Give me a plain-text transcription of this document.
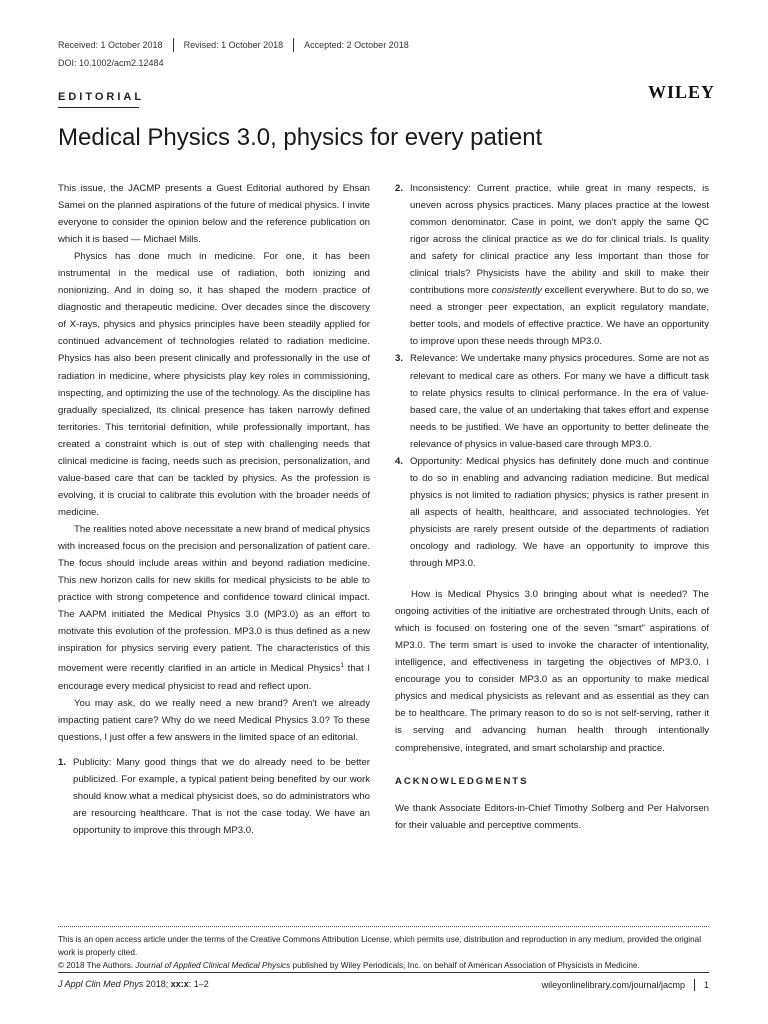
Received: 1 October 2018	Revised: 1 October 2018	Accepted: 2 October 2018
DOI: 10.1002/acm2.12484
EDITORIAL	WILEY
Medical Physics 3.0, physics for every patient

This issue, the JACMP presents a Guest Editorial authored by Ehsan Samei on the planned aspirations of the future of medical physics. I invite everyone to consider the opinion below and the reference publication on which it is based — Michael Mills.

Physics has done much in medicine. For one, it has been instrumental in the medical use of radiation, both ionizing and nonionizing. And in doing so, it has shaped the modern practice of diagnostic and therapeutic medicine. Over decades since the discovery of X-rays, physics and physics principles have been steadily applied for continued advancement of technologies related to radiation medicine. Physics has also been present clinically and professionally in the use of radiation in medicine, where physicists play key roles in commissioning, inspecting, and optimizing the use of the technology. As the discipline has gradually specialized, its clinical presence has taken narrowly defined territories. This territorial definition, while professionally important, has created a constraint which is out of step with challenging needs that clinical medicine is facing, needs such as precision, personalization, and value-based care that can be tackled by physics. As the profession is evolving, it is crucial to calibrate this evolution with the broader needs of medicine.

The realities noted above necessitate a new brand of medical physics with increased focus on the precision and personalization of patient care. The focus should include areas within and beyond radiation medicine. This new horizon calls for new skills for medical physicists to be able to practice with strong competence and confidence toward clinical impact. The AAPM initiated the Medical Physics 3.0 (MP3.0) as an effort to motivate this evolution of the profession. MP3.0 is thus defined as a new inspiration for physics serving every patient. The characteristics of this movement were recently clarified in an article in Medical Physics$^1$ that I encourage every medical physicist to read and reflect upon.

You may ask, do we really need a new brand? Aren't we already impacting patient care? Why do we need Medical Physics 3.0? To these questions, I just offer a few answers in the limited space of an editorial.

1. Publicity: Many good things that we do already need to be better publicized. For example, a typical patient being benefited by our work should know what a medical physicist does, so do administrators who are resourcing healthcare. That is not the case today. We have an opportunity to improve this through MP3.0.
2. Inconsistency: Current practice, while great in many respects, is uneven across physics practices. Many places practice at the lowest common denominator. Case in point, we don't apply the same QC rigor across the clinical practice as we do for clinical trials. Is quality and safety for clinical practice any less important than those for clinical trials? Physicists have the ability and skill to make their contributions more consistently excellent everywhere. But to do so, we need a stronger peer expectation, an explicit regulatory mandate, better tools, and models of effective practice. We have an opportunity to improve upon these needs through MP3.0.
3. Relevance: We undertake many physics procedures. Some are not as relevant to medical care as others. For many we have a difficult task to relate physics results to clinical performance. In the era of value-based care, the value of an undertaking that takes effort and expense needs to be justified. We have an opportunity to better delineate the relevance of physics in value-based care through MP3.0.
4. Opportunity: Medical physics has definitely done much and continue to do so in enabling and advancing radiation medicine. But medical physics is not limited to radiation physics; physics is rather present in all aspects of health, healthcare, and associated technologies. Yet physicists are rarely present outside of the departments of radiation oncology and radiology. We have an opportunity to improve this through MP3.0.

How is Medical Physics 3.0 bringing about what is needed? The ongoing activities of the initiative are orchestrated through Units, each of which is focused on fostering one of the seven "smart" aspirations of MP3.0. The term smart is used to invoke the character of intentionality, intelligence, and effectiveness in targeting the objectives of MP3.0. I encourage you to consider MP3.0 as an opportunity to make medical physics and medical physicists as relevant and as essential as they can be to healthcare. The primary reason to do so is not self-serving, rather it is serving and advancing human health through intentionally comprehensive, integrated, and smart scholarship and practice.

ACKNOWLEDGMENTS

We thank Associate Editors-in-Chief Timothy Solberg and Per Halvorsen for their valuable and perceptive comments.

This is an open access article under the terms of the Creative Commons Attribution License, which permits use, distribution and reproduction in any medium, provided the original work is properly cited.
© 2018 The Authors. Journal of Applied Clinical Medical Physics published by Wiley Periodicals, Inc. on behalf of American Association of Physicists in Medicine.
J Appl Clin Med Phys 2018; xx:x: 1–2	wileyonlinelibrary.com/journal/jacmp 1
